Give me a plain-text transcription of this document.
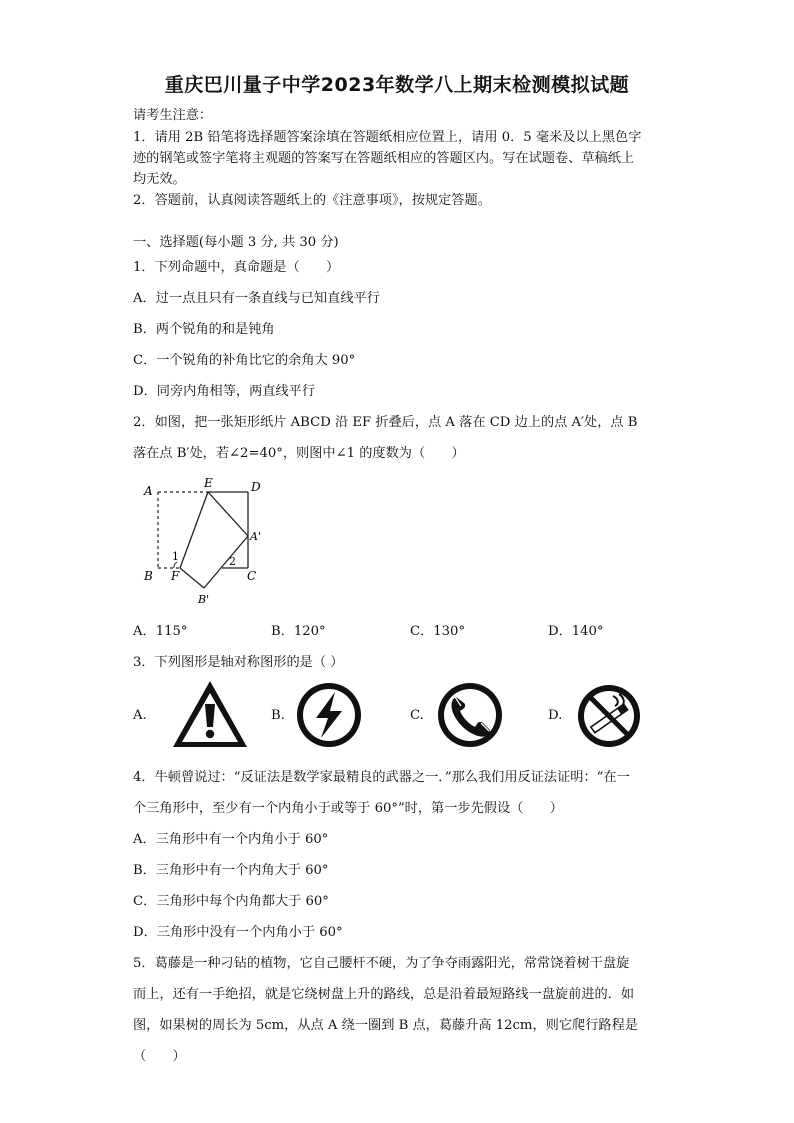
重庆巴川量子中学2023年数学八上期末检测模拟试题
请考生注意：
1．请用 2B 铅笔将选择题答案涂填在答题纸相应位置上，请用 0．5 毫米及以上黑色字
迹的钢笔或签字笔将主观题的答案写在答题纸相应的答题区内。写在试题卷、草稿纸上
均无效。
2．答题前，认真阅读答题纸上的《注意事项》，按规定答题。
一、选择题(每小题 3 分, 共 30 分)
1．下列命题中，真命题是（　　）
A．过一点且只有一条直线与已知直线平行
B．两个锐角的和是钝角
C．一个锐角的补角比它的余角大 90°
D．同旁内角相等，两直线平行
2．如图，把一张矩形纸片 ABCD 沿 EF 折叠后，点 A 落在 CD 边上的点 A′处，点 B
落在点 B′处，若∠2=40°，则图中∠1 的度数为（　　）
A
E	D
A'
1	2
B F	C
B'
A．115°	B．120°	C．130°	D．140°
3．下列图形是轴对称图形的是（ ）
A.	B.	C.	D.
4．牛顿曾说过：“反证法是数学家最精良的武器之一．”那么我们用反证法证明：“在一
个三角形中，至少有一个内角小于或等于 60°”时，第一步先假设（　　）
A．三角形中有一个内角小于 60°
B．三角形中有一个内角大于 60°
C．三角形中每个内角都大于 60°
D．三角形中没有一个内角小于 60°
5．葛藤是一种刁钻的植物，它自己腰杆不硬，为了争夺雨露阳光，常常饶着树干盘旋
而上，还有一手绝招，就是它绕树盘上升的路线，总是沿着最短路线一盘旋前进的．如
图，如果树的周长为 5cm，从点 A 绕一圈到 B 点，葛藤升高 12cm，则它爬行路程是
（　　）
